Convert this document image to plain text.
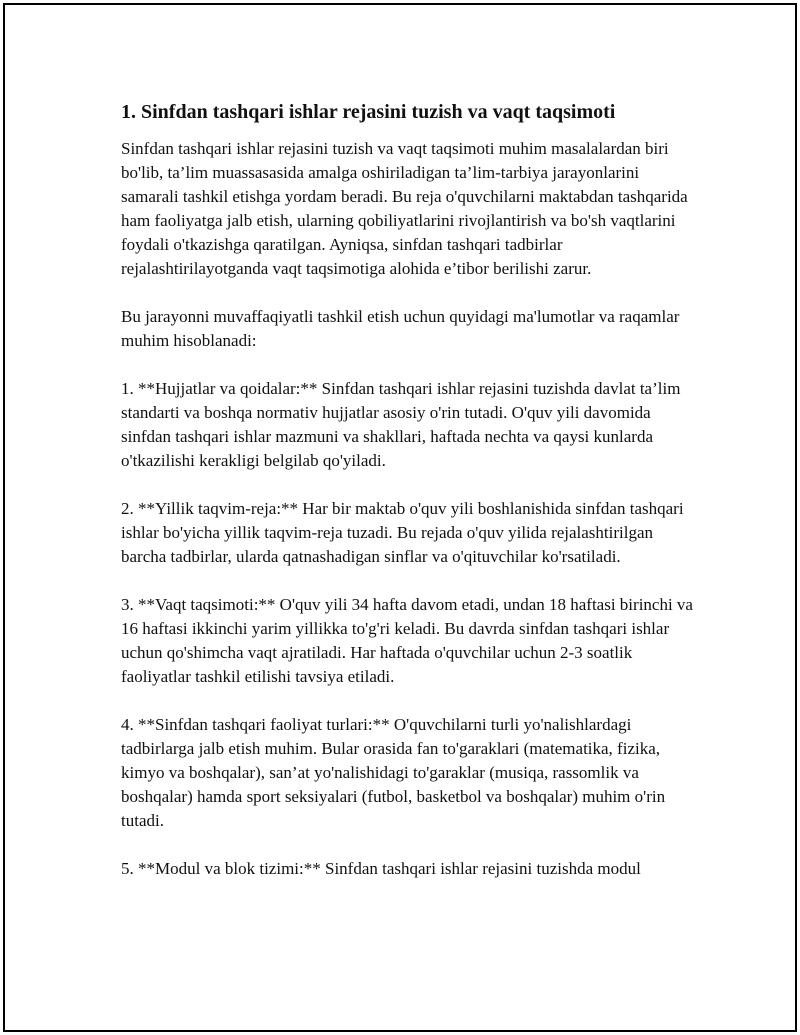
1. Sinfdan tashqari ishlar rejasini tuzish va vaqt taqsimoti

Sinfdan tashqari ishlar rejasini tuzish va vaqt taqsimoti muhim masalalardan biri bo'lib, ta’lim muassasasida amalga oshiriladigan ta’lim-tarbiya jarayonlarini samarali tashkil etishga yordam beradi. Bu reja o'quvchilarni maktabdan tashqarida ham faoliyatga jalb etish, ularning qobiliyatlarini rivojlantirish va bo'sh vaqtlarini foydali o'tkazishga qaratilgan. Ayniqsa, sinfdan tashqari tadbirlar rejalashtirilayotganda vaqt taqsimotiga alohida e’tibor berilishi zarur.

Bu jarayonni muvaffaqiyatli tashkil etish uchun quyidagi ma'lumotlar va raqamlar muhim hisoblanadi:

1. **Hujjatlar va qoidalar:** Sinfdan tashqari ishlar rejasini tuzishda davlat ta’lim standarti va boshqa normativ hujjatlar asosiy o'rin tutadi. O'quv yili davomida sinfdan tashqari ishlar mazmuni va shakllari, haftada nechta va qaysi kunlarda o'tkazilishi kerakligi belgilab qo'yiladi.

2. **Yillik taqvim-reja:** Har bir maktab o'quv yili boshlanishida sinfdan tashqari ishlar bo'yicha yillik taqvim-reja tuzadi. Bu rejada o'quv yilida rejalashtirilgan barcha tadbirlar, ularda qatnashadigan sinflar va o'qituvchilar ko'rsatiladi.

3. **Vaqt taqsimoti:** O'quv yili 34 hafta davom etadi, undan 18 haftasi birinchi va 16 haftasi ikkinchi yarim yillikka to'g'ri keladi. Bu davrda sinfdan tashqari ishlar uchun qo'shimcha vaqt ajratiladi. Har haftada o'quvchilar uchun 2-3 soatlik faoliyatlar tashkil etilishi tavsiya etiladi.

4. **Sinfdan tashqari faoliyat turlari:** O'quvchilarni turli yo'nalishlardagi tadbirlarga jalb etish muhim. Bular orasida fan to'garaklari (matematika, fizika, kimyo va boshqalar), san’at yo'nalishidagi to'garaklar (musiqa, rassomlik va boshqalar) hamda sport seksiyalari (futbol, basketbol va boshqalar) muhim o'rin tutadi.

5. **Modul va blok tizimi:** Sinfdan tashqari ishlar rejasini tuzishda modul
